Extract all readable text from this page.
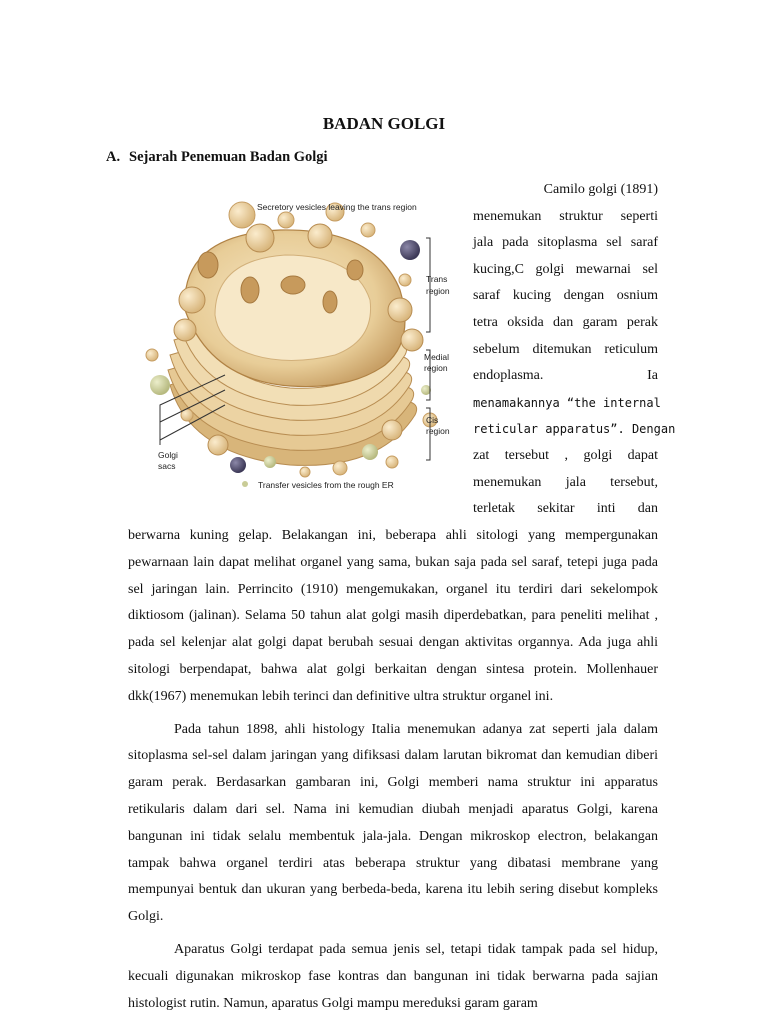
BADAN GOLGI
A. Sejarah Penemuan Badan Golgi
Secretory vesicles leaving the trans region
Trans
region
Medial
region
Cis
region
Golgi
sacs
Transfer vesicles from the rough ER
Camilo golgi (1891)
menemukan struktur seperti
jala pada sitoplasma sel saraf
kucing,C golgi mewarnai sel
saraf kucing dengan osnium
tetra oksida dan garam perak
sebelum ditemukan reticulum
endoplasma.                Ia
menamakannya “the internal
reticular apparatus”. Dengan
zat tersebut , golgi dapat
menemukan jala tersebut,
terletak sekitar inti dan

berwarna kuning gelap. Belakangan ini, beberapa ahli sitologi yang mempergunakan pewarnaan lain dapat melihat organel yang sama, bukan saja pada sel saraf, tetepi juga pada sel jaringan lain. Perrincito (1910) mengemukakan, organel itu terdiri dari sekelompok diktiosom (jalinan). Selama 50 tahun alat golgi masih diperdebatkan, para peneliti melihat , pada sel kelenjar alat golgi dapat berubah sesuai dengan aktivitas organnya. Ada juga ahli sitologi berpendapat, bahwa alat golgi berkaitan dengan sintesa protein. Mollenhauer dkk(1967) menemukan lebih terinci dan definitive ultra struktur organel ini.

Pada tahun 1898, ahli histology Italia menemukan adanya zat seperti jala dalam sitoplasma sel-sel dalam jaringan yang difiksasi dalam larutan bikromat dan kemudian diberi garam perak. Berdasarkan gambaran ini, Golgi memberi nama struktur ini apparatus retikularis dalam dari sel. Nama ini kemudian diubah menjadi aparatus Golgi, karena bangunan ini tidak selalu membentuk jala-jala. Dengan mikroskop electron, belakangan tampak bahwa organel terdiri atas beberapa struktur yang dibatasi membrane yang mempunyai bentuk dan ukuran yang berbeda-beda, karena itu lebih sering disebut kompleks Golgi.

Aparatus Golgi terdapat pada semua jenis sel, tetapi tidak tampak pada sel hidup, kecuali digunakan mikroskop fase kontras dan bangunan ini tidak berwarna pada sajian histologist rutin. Namun, aparatus Golgi mampu mereduksi garam garam
